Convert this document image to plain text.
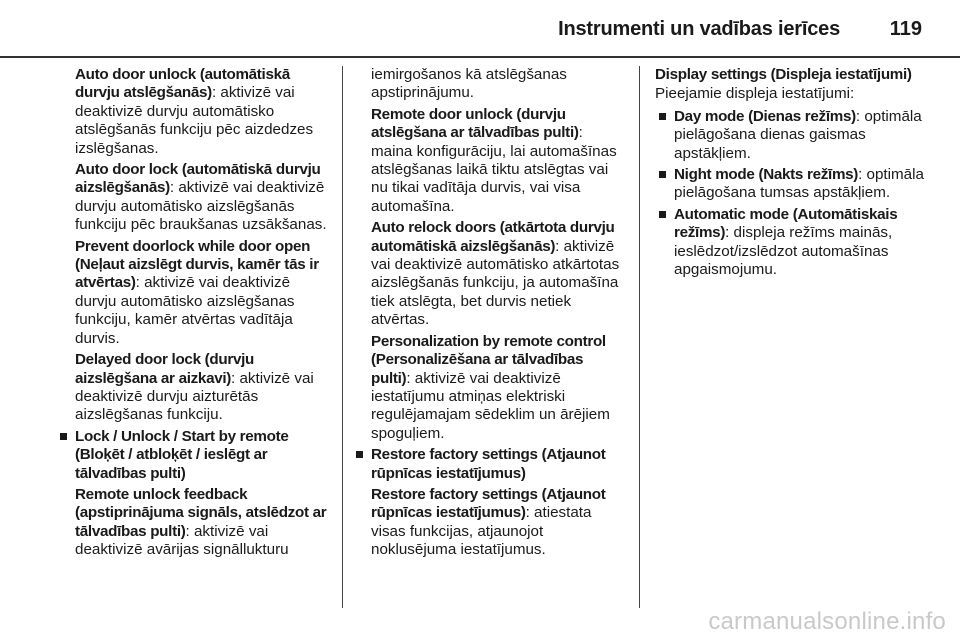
Instrumenti un vadības ierīces 119

Auto door unlock (automātiskā durvju atslēgšanās): aktivizē vai deaktivizē durvju automātisko atslēgšanās funkciju pēc aizdedzes izslēgšanas.

Auto door lock (automātiskā durvju aizslēgšanās): aktivizē vai deaktivizē durvju automātisko aizslēgšanās funkciju pēc braukšanas uzsākšanas.

Prevent doorlock while door open (Neļaut aizslēgt durvis, kamēr tās ir atvērtas): aktivizē vai deaktivizē durvju automātisko aizslēgšanas funkciju, kamēr atvērtas vadītāja durvis.

Delayed door lock (durvju aizslēgšana ar aizkavi): aktivizē vai deaktivizē durvju aizturētās aizslēgšanas funkciju.

Lock / Unlock / Start by remote (Bloķēt / atbloķēt / ieslēgt ar tālvadības pulti)

Remote unlock feedback (apstiprinājuma signāls, atslēdzot ar tālvadības pulti): aktivizē vai deaktivizē avārijas signāllukturu

iemirgošanos kā atslēgšanas apstiprinājumu.

Remote door unlock (durvju atslēgšana ar tālvadības pulti): maina konfigurāciju, lai automašīnas atslēgšanas laikā tiktu atslēgtas vai nu tikai vadītāja durvis, vai visa automašīna.

Auto relock doors (atkārtota durvju automātiskā aizslēgšanās): aktivizē vai deaktivizē automātisko atkārtotas aizslēgšanās funkciju, ja automašīna tiek atslēgta, bet durvis netiek atvērtas.

Personalization by remote control (Personalizēšana ar tālvadības pulti): aktivizē vai deaktivizē iestatījumu atmiņas elektriski regulējamajam sēdeklim un ārējiem spoguļiem.

Restore factory settings (Atjaunot rūpnīcas iestatījumus)

Restore factory settings (Atjaunot rūpnīcas iestatījumus): atiestata visas funkcijas, atjaunojot noklusējuma iestatījumus.

Display settings (Displeja iestatījumi)

Pieejamie displeja iestatījumi:

Day mode (Dienas režīms): optimāla pielāgošana dienas gaismas apstākļiem.

Night mode (Nakts režīms): optimāla pielāgošana tumsas apstākļiem.

Automatic mode (Automātiskais režīms): displeja režīms mainās, ieslēdzot/izslēdzot automašīnas apgaismojumu.

carmanualsonline.info
